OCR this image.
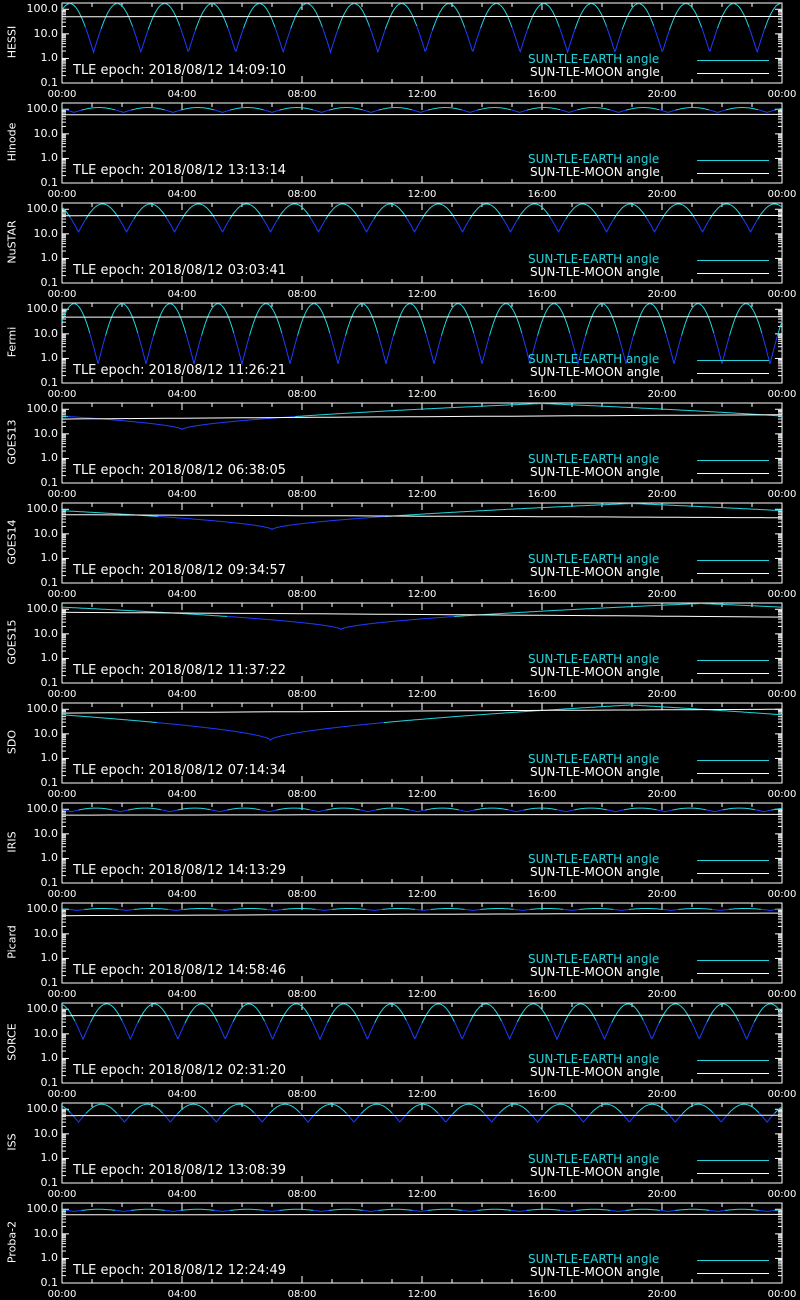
HESSI
100.0
10.0
1.0
0.1
00:00	04:00	08:00	12:00	16:00	20:00	00:00
TLE epoch: 2018/08/12 14:09:10
SUN-TLE-EARTH angle
SUN-TLE-MOON angle
Hinode
100.0
10.0
1.0
0.1
00:00	04:00	08:00	12:00	16:00	20:00	00:00
TLE epoch: 2018/08/12 13:13:14
SUN-TLE-EARTH angle
SUN-TLE-MOON angle
NuSTAR
100.0
10.0
1.0
0.1
00:00	04:00	08:00	12:00	16:00	20:00	00:00
TLE epoch: 2018/08/12 03:03:41
SUN-TLE-EARTH angle
SUN-TLE-MOON angle
Fermi
100.0
10.0
1.0
0.1
00:00	04:00	08:00	12:00	16:00	20:00	00:00
TLE epoch: 2018/08/12 11:26:21
SUN-TLE-EARTH angle
SUN-TLE-MOON angle
GOES13
100.0
10.0
1.0
0.1
00:00	04:00	08:00	12:00	16:00	20:00	00:00
TLE epoch: 2018/08/12 06:38:05
SUN-TLE-EARTH angle
SUN-TLE-MOON angle
GOES14
100.0
10.0
1.0
0.1
00:00	04:00	08:00	12:00	16:00	20:00	00:00
TLE epoch: 2018/08/12 09:34:57
SUN-TLE-EARTH angle
SUN-TLE-MOON angle
GOES15
100.0
10.0
1.0
0.1
00:00	04:00	08:00	12:00	16:00	20:00	00:00
TLE epoch: 2018/08/12 11:37:22
SUN-TLE-EARTH angle
SUN-TLE-MOON angle
SDO
100.0
10.0
1.0
0.1
00:00	04:00	08:00	12:00	16:00	20:00	00:00
TLE epoch: 2018/08/12 07:14:34
SUN-TLE-EARTH angle
SUN-TLE-MOON angle
IRIS
100.0
10.0
1.0
0.1
00:00	04:00	08:00	12:00	16:00	20:00	00:00
TLE epoch: 2018/08/12 14:13:29
SUN-TLE-EARTH angle
SUN-TLE-MOON angle
Picard
100.0
10.0
1.0
0.1
00:00	04:00	08:00	12:00	16:00	20:00	00:00
TLE epoch: 2018/08/12 14:58:46
SUN-TLE-EARTH angle
SUN-TLE-MOON angle
SORCE
100.0
10.0
1.0
0.1
00:00	04:00	08:00	12:00	16:00	20:00	00:00
TLE epoch: 2018/08/12 02:31:20
SUN-TLE-EARTH angle
SUN-TLE-MOON angle
ISS
100.0
10.0
1.0
0.1
00:00	04:00	08:00	12:00	16:00	20:00	00:00
TLE epoch: 2018/08/12 13:08:39
SUN-TLE-EARTH angle
SUN-TLE-MOON angle
Proba-2
100.0
10.0
1.0
0.1
00:00	04:00	08:00	12:00	16:00	20:00	00:00
TLE epoch: 2018/08/12 12:24:49
SUN-TLE-EARTH angle
SUN-TLE-MOON angle
